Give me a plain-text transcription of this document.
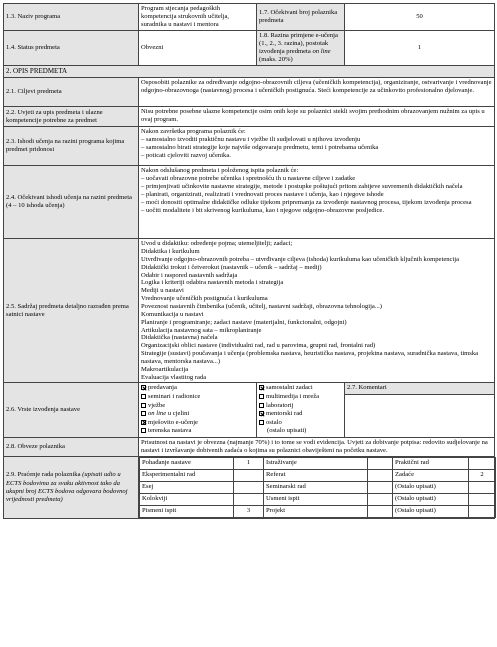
1.3. Naziv programa	Program stjecanja pedagoških kompetencija strukovnih učitelja, suradnika u nastavi i mentora	1.7. Očekivani broj polaznika predmeta	50
1.4. Status predmeta	Obvezni	1.8. Razina primjene e-učenja (1., 2., 3. razina), postotak izvođenja predmeta on line (maks. 20%)	1
2. OPIS PREDMETA
2.1. Ciljevi predmeta	Osposobiti polaznike za određivanje odgojno-obrazovnih ciljeva (učeničkih kompetencija), organiziranje, ostvarivanje i vrednovanje odgojno-obrazovnoga (nastavnog) procesa i učeničkih postignuća. Steći kompetencije za učinkovito profesionalno djelovanje.
2.2. Uvjeti za upis predmeta i ulazne kompetencije potrebne za predmet	Nisu potrebne posebne ulazne kompetencije osim onih koje su polaznici stekli svojim prethodnim obrazovanjem nužnim za upis u ovaj program.
2.3. Ishodi učenja na razini programa kojima predmet pridonosi	
Nakon završetka programa polaznik će:
– samostalno izvoditi praktičnu nastavu i vježbe ili sudjelovati u njihovu izvođenju
– samostalno birati strategije koje najviše odgovaraju predmetu, temi i potrebama učenika
– poticati cjeloviti razvoj učenika.

2.4. Očekivani ishodi učenja na razini predmeta (4 – 10 ishoda učenja)	
Nakon odslušanog predmeta i položenog ispita polaznik će:
– uočavati obrazovne potrebe učenika i spretnošću ih u nastavne ciljeve i zadatke
– primjenjivati učinkovite nastavne strategije, metode i postupke poštujući pritom zahtjeve suvremenih didaktičkih načela
– planirati, organizirati, realizirati i vrednovati proces nastave i učenja, kao i njegove ishode
– moći donositi optimalne didaktičke odluke tijekom pripremanja za izvođenje nastavnog procesa, tijekom izvođenja procesa
– uočiti modalitete i bit skrivenog kurikuluma, kao i njegove odgojno-obrazovne posljedice.

2.5. Sadržaj predmeta detaljno razrađen prema satnici nastave	
Uvod u didaktiku: određenje pojma; utemeljitelji; zadaci;
Didaktika i kurikulum
Utvrđivanje odgojno-obrazovnih potreba – utvrđivanje ciljeva (ishoda) kurikuluma kao učeničkih ključnih kompetencija
Didaktički trokut i četverokut (nastavnik – učenik – sadržaj – medij)
Odabir i raspored nastavnih sadržaja
Logika i kriteriji odabira nastavnih metoda i strategija
Mediji u nastavi
Vrednovanje učeničkih postignuća i kurikuluma
Poveznost nastavnih čimbenika (učenik, učitelj, nastavni sadržaji, obrazovna tehnologija...)
Komunikacija u nastavi
Planiranje i programiranje; zadaci nastave (materijalni, funkcionalni, odgojni)
Artikulacija nastavnog sata – mikroplaniranje
Didaktička (nastavna) načela
Organizacijski oblici nastave (individualni rad, rad u parovima, grupni rad, frontalni rad)
Strategije (sustavi) poučavanja i učenja (problemska nastava, heuristička nastava, projektna nastava, suradnička nastava, timska nastava, mentorska nastava...)
Makroartikulacija
Evaluacija vlastitog rada

2.6. Vrste izvođenja nastave	
predavanja
seminari i radionice
vježbe
on line u cjelini
mješovito e-učenje
terenska nastava

samostalni zadaci
multimedija i mreža
laboratorij
mentorski rad
ostalo
(ostalo upisati)

2.7. Komentari

2.8. Obveze polaznika	Prisutnost na nastavi je obvezna (najmanje 70%) i to tome se vodi evidencija. Uvjeti za dobivanje potpisa: redovito sudjelovanje na nastavi i izvršavanje dobivenih zadaća o kojima su polaznici obaviješteni na početku nastave.
2.9. Praćenje rada polaznika (upisati udio u ECTS bodovima za svaku aktivnost tako da ukupni broj ECTS bodova odgovara bodovnoj vrijednosti predmeta)	
Pohađanje nastave	1	Istraživanje		Praktični rad	
Eksperimentalni rad		Referat		Zadaće	2
Esej		Seminarski rad		(Ostalo upisati)	
Kolokviji		Usmeni ispit		(Ostalo upisati)	
Pismeni ispit	3	Projekt		(Ostalo upisati)	
